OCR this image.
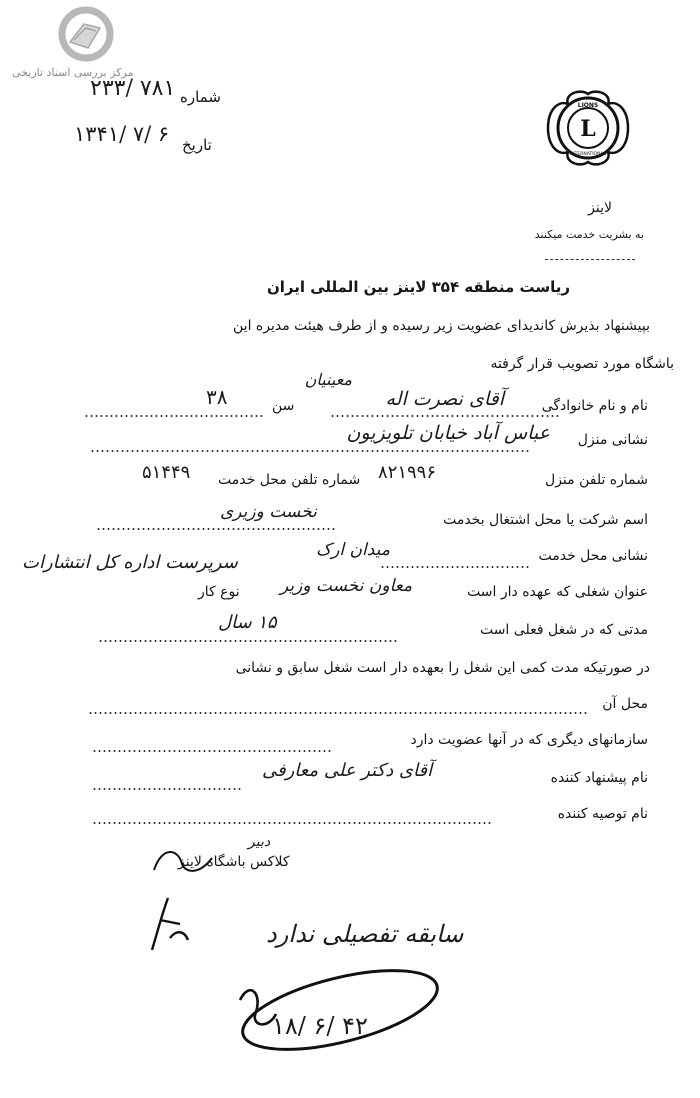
مرکز بررسی اسناد تاریخی
شماره
۲۳۳/ ۷۸۱
تاریخ
۱۳۴۱/ ۷/ ۶	L
LIONS
INTERNATIONAL
لاینز
به بشریت خدمت میکنند
ریاست منطقه ۳۵۴ لاینز بین المللی ایران
بپیشنهاد بذیرش کاندیدای عضویت زیر رسیده و از طرف هیئت مدیره این
باشگاه مورد تصویب قرار گرفته
معینیان
نام و نام خانوادگی
آقای نصرت اله
سن
۳۸
نشانی منزل
عباس آباد خیابان تلویزیون
شماره تلفن منزل
۸۲۱۹۹۶
شماره تلفن محل خدمت
۵۱۴۴۹
اسم شرکت یا محل اشتغال بخدمت
نخست وزیری
نشانی محل خدمت
میدان ارک
سرپرست اداره کل انتشارات
عنوان شغلی که عهده دار است
معاون نخست وزیر
نوع کار
مدتی که در شغل فعلی است
۱۵ سال
در صورتیکه مدت کمی این شغل را بعهده دار است شغل سابق و نشانی
محل آن
سازمانهای دیگری که در آنها عضویت دارد
نام پیشنهاد کننده
آقای دکتر علی معارفی
نام توصیه کننده
دبیر
کلاکس باشگاه لاینز
سابقه تفصیلی ندارد
۱۸/ ۶/ ۴۲
